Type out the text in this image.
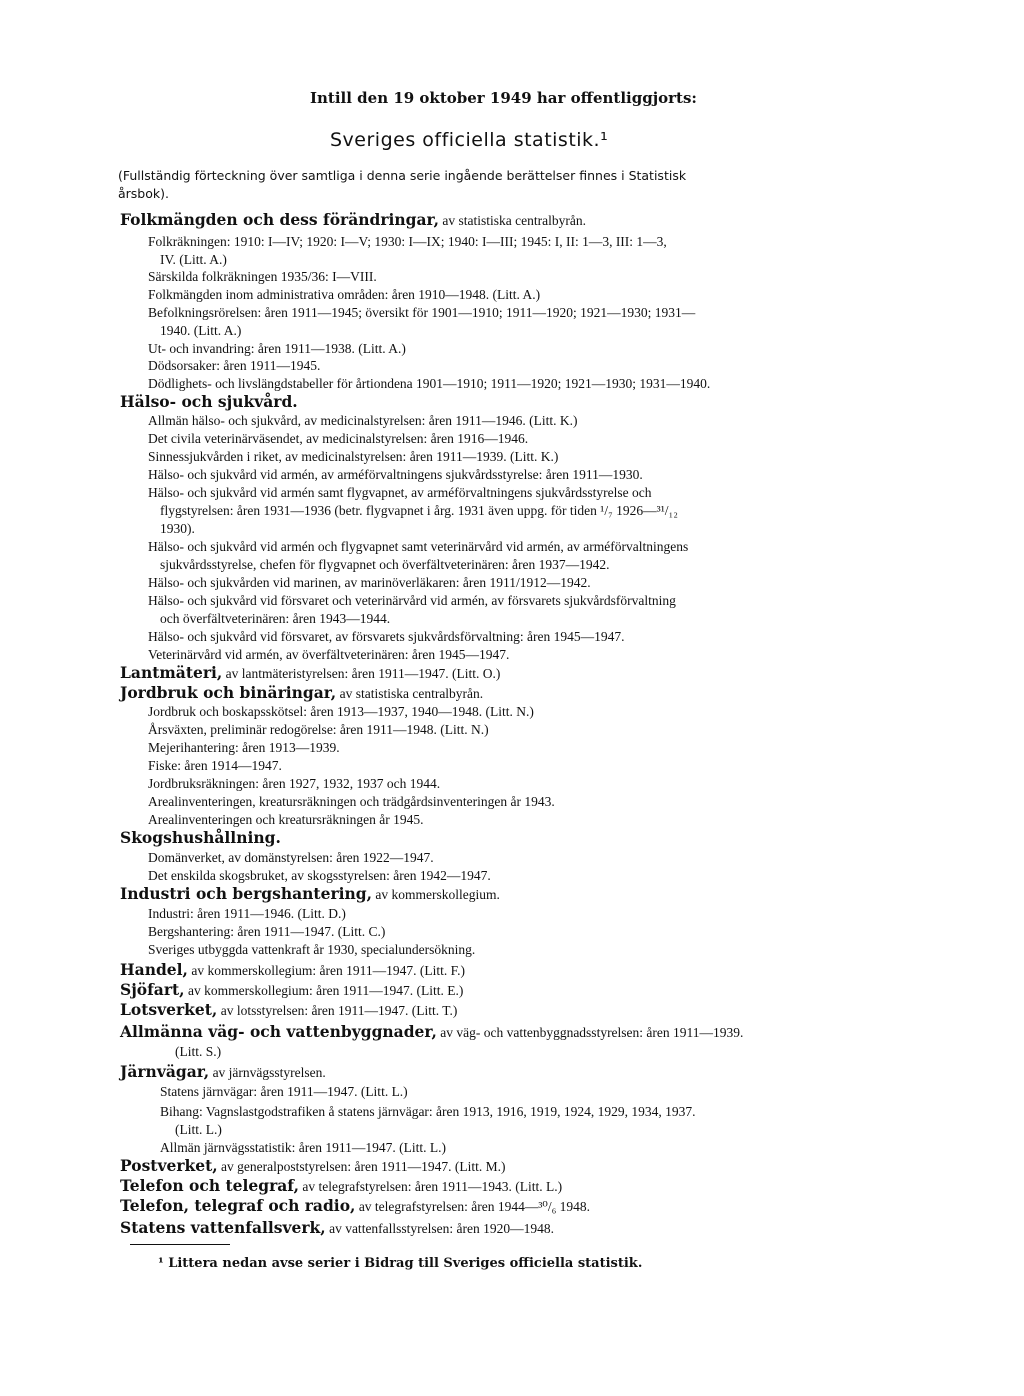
Intill den 19 oktober 1949 har offentliggjorts:
Sveriges officiella statistik.¹
(Fullständig förteckning över samtliga i denna serie ingående berättelser finnes i Statistisk
årsbok).
Folkmängden och dess förändringar, av statistiska centralbyrån.
Folkräkningen: 1910: I—IV; 1920: I—V; 1930: I—IX; 1940: I—III; 1945: I, II: 1—3, III: 1—3,
IV. (Litt. A.)
Särskilda folkräkningen 1935/36: I—VIII.
Folkmängden inom administrativa områden: åren 1910—1948. (Litt. A.)
Befolkningsrörelsen: åren 1911—1945; översikt för 1901—1910; 1911—1920; 1921—1930; 1931—
1940. (Litt. A.)
Ut- och invandring: åren 1911—1938. (Litt. A.)
Dödsorsaker: åren 1911—1945.
Dödlighets- och livslängdstabeller för årtiondena 1901—1910; 1911—1920; 1921—1930; 1931—1940.
Hälso- och sjukvård.
Allmän hälso- och sjukvård, av medicinalstyrelsen: åren 1911—1946. (Litt. K.)
Det civila veterinärväsendet, av medicinalstyrelsen: åren 1916—1946.
Sinnessjukvården i riket, av medicinalstyrelsen: åren 1911—1939. (Litt. K.)
Hälso- och sjukvård vid armén, av arméförvaltningens sjukvårdsstyrelse: åren 1911—1930.
Hälso- och sjukvård vid armén samt flygvapnet, av arméförvaltningens sjukvårdsstyrelse och
flygstyrelsen: åren 1931—1936 (betr. flygvapnet i årg. 1931 även uppg. för tiden ¹/₇ 1926—³¹/₁₂
1930).
Hälso- och sjukvård vid armén och flygvapnet samt veterinärvård vid armén, av arméförvaltningens
sjukvårdsstyrelse, chefen för flygvapnet och överfältveterinären: åren 1937—1942.
Hälso- och sjukvården vid marinen, av marinöverläkaren: åren 1911/1912—1942.
Hälso- och sjukvård vid försvaret och veterinärvård vid armén, av försvarets sjukvårdsförvaltning
och överfältveterinären: åren 1943—1944.
Hälso- och sjukvård vid försvaret, av försvarets sjukvårdsförvaltning: åren 1945—1947.
Veterinärvård vid armén, av överfältveterinären: åren 1945—1947.
Lantmäteri, av lantmäteristyrelsen: åren 1911—1947. (Litt. O.)
Jordbruk och binäringar, av statistiska centralbyrån.
Jordbruk och boskapsskötsel: åren 1913—1937, 1940—1948. (Litt. N.)
Årsväxten, preliminär redogörelse: åren 1911—1948. (Litt. N.)
Mejerihantering: åren 1913—1939.
Fiske: åren 1914—1947.
Jordbruksräkningen: åren 1927, 1932, 1937 och 1944.
Arealinventeringen, kreatursräkningen och trädgårdsinventeringen år 1943.
Arealinventeringen och kreatursräkningen år 1945.
Skogshushållning.
Domänverket, av domänstyrelsen: åren 1922—1947.
Det enskilda skogsbruket, av skogsstyrelsen: åren 1942—1947.
Industri och bergshantering, av kommerskollegium.
Industri: åren 1911—1946. (Litt. D.)
Bergshantering: åren 1911—1947. (Litt. C.)
Sveriges utbyggda vattenkraft år 1930, specialundersökning.
Handel, av kommerskollegium: åren 1911—1947. (Litt. F.)
Sjöfart, av kommerskollegium: åren 1911—1947. (Litt. E.)
Lotsverket, av lotsstyrelsen: åren 1911—1947. (Litt. T.)
Allmänna väg- och vattenbyggnader, av väg- och vattenbyggnadsstyrelsen: åren 1911—1939.
(Litt. S.)
Järnvägar, av järnvägsstyrelsen.
Statens järnvägar: åren 1911—1947. (Litt. L.)
Bihang: Vagnslastgodstrafiken å statens järnvägar: åren 1913, 1916, 1919, 1924, 1929, 1934, 1937.
(Litt. L.)
Allmän järnvägsstatistik: åren 1911—1947. (Litt. L.)
Postverket, av generalpoststyrelsen: åren 1911—1947. (Litt. M.)
Telefon och telegraf, av telegrafstyrelsen: åren 1911—1943. (Litt. L.)
Telefon, telegraf och radio, av telegrafstyrelsen: åren 1944—³⁰/₆ 1948.
Statens vattenfallsverk, av vattenfallsstyrelsen: åren 1920—1948.
¹ Littera nedan avse serier i Bidrag till Sveriges officiella statistik.
